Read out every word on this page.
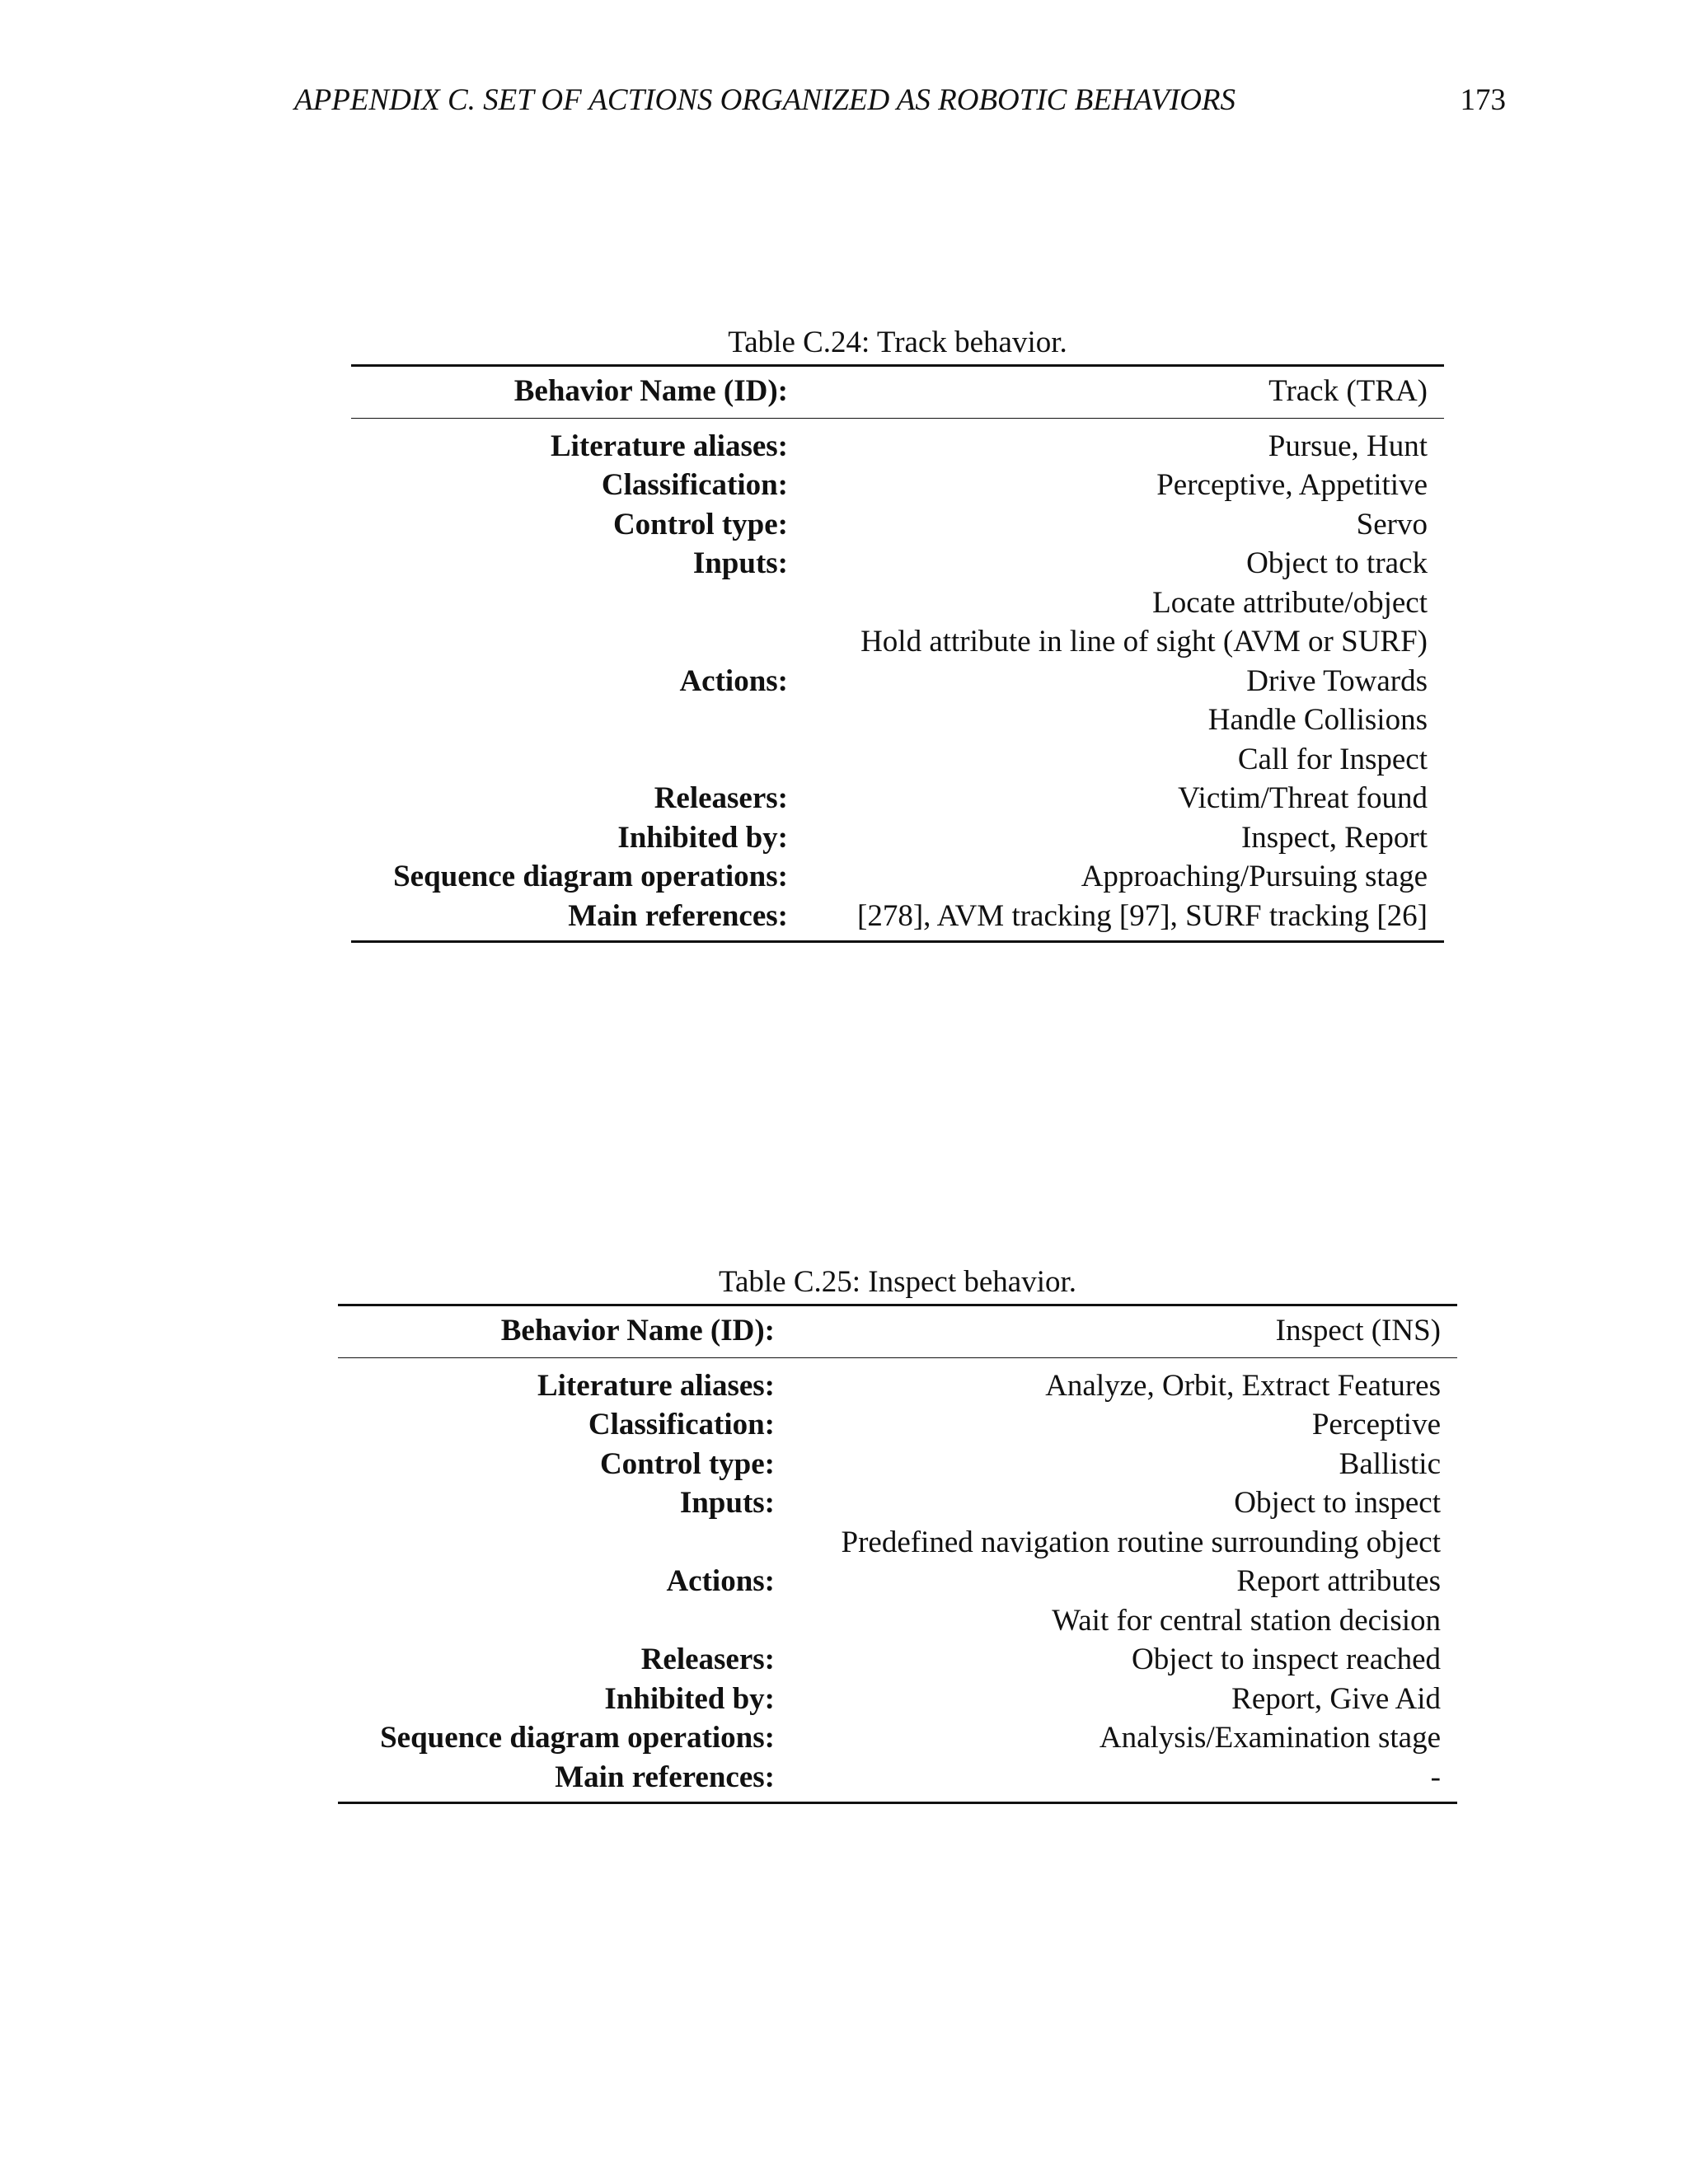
APPENDIX C. SET OF ACTIONS ORGANIZED AS ROBOTIC BEHAVIORS	173
Table C.24: Track behavior.
Behavior Name (ID):	Track (TRA)
Literature aliases:	Pursue, Hunt
Classification:	Perceptive, Appetitive
Control type:	Servo
Inputs:	Object to track
	Locate attribute/object
	Hold attribute in line of sight (AVM or SURF)
Actions:	Drive Towards
	Handle Collisions
	Call for Inspect
Releasers:	Victim/Threat found
Inhibited by:	Inspect, Report
Sequence diagram operations:	Approaching/Pursuing stage
Main references:	[278], AVM tracking [97], SURF tracking [26]
Table C.25: Inspect behavior.
Behavior Name (ID):	Inspect (INS)
Literature aliases:	Analyze, Orbit, Extract Features
Classification:	Perceptive
Control type:	Ballistic
Inputs:	Object to inspect
	Predefined navigation routine surrounding object
Actions:	Report attributes
	Wait for central station decision
Releasers:	Object to inspect reached
Inhibited by:	Report, Give Aid
Sequence diagram operations:	Analysis/Examination stage
Main references:	-
